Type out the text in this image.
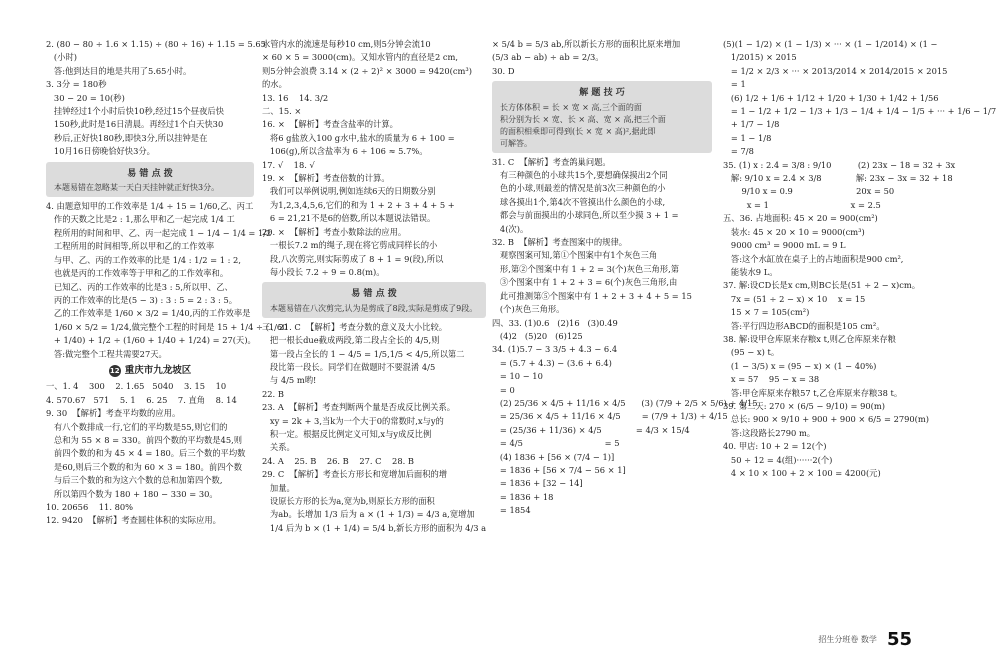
2. (80 − 80 ÷ 1.6 × 1.15) ÷ (80 ÷ 16) + 1.15 = 5.65
(小时)
答:他到达目的地是共用了5.65小时。
3. 3分 = 180秒
30 − 20 = 10(秒)
挂钟经过1个小时后快10秒,经过15个昼夜后快
150秒,此时是16日清晨。再经过1个白天快30
秒后,正好快180秒,即快3分,所以挂钟是在
10月16日傍晚恰好快3分。
易 错 点 拨
本题易错在忽略某一天白天挂钟就正好快3分。
4. 由题意知甲的工作效率是 1/4 ÷ 15 = 1/60,乙、丙工
作的天数之比是2 : 1,那么甲和乙一起完成 1/4 工
程所用的时间和甲、乙、丙一起完成 1 − 1/4 − 1/4 = 1/2
工程所用的时间相等,所以甲和乙的工作效率
与甲、乙、丙的工作效率的比是 1/4 : 1/2 = 1 : 2,
也就是丙的工作效率等于甲和乙的工作效率和。
已知乙、丙的工作效率的比是3 : 5,所以甲、乙、
丙的工作效率的比是(5 − 3) : 3 : 5 = 2 : 3 : 5。
乙的工作效率是 1/60 × 3/2 = 1/40,丙的工作效率是
1/60 × 5/2 = 1/24,做完整个工程的时间是 15 + 1/4 ÷ (1/60
+ 1/40) + 1/2 ÷ (1/60 + 1/40 + 1/24) = 27(天)。
答:做完整个工程共需要27天。
12 重庆市九龙坡区
一、1. 4    300    2. 1.65   5040    3. 15    10
4. 570.67   571    5. 1    6. 25    7. 直角    8. 14
9. 30  【解析】考查平均数的应用。
有八个数排成一行,它们的平均数是55,则它们的
总和为 55 × 8 = 330。前四个数的平均数是45,则
前四个数的和为 45 × 4 = 180。后三个数的平均数
是60,则后三个数的和为 60 × 3 = 180。前四个数
与后三个数的和为这六个数的总和加第四个数,
所以第四个数为 180 + 180 − 330 = 30。
10. 20656    11. 80%
12. 9420  【解析】考查圆柱体积的实际应用。
水管内水的流速是每秒10 cm,则5分钟会流10
× 60 × 5 = 3000(cm)。又知水管内的直径是2 cm,
则5分钟会浪费 3.14 × (2 ÷ 2)² × 3000 = 9420(cm³)
的水。
13. 16    14. 3/2
二、15. ×
16. ×  【解析】考查含盐率的计算。
将6 g盐放入100 g水中,盐水的质量为 6 + 100 =
106(g),所以含盐率为 6 ÷ 106 ≈ 5.7%。
17. √    18. √
19. ×  【解析】考查倍数的计算。
我们可以举例说明,例如连续6天的日期数分别
为1,2,3,4,5,6,它们的和为 1 + 2 + 3 + 4 + 5 +
6 = 21,21不是6的倍数,所以本题说法错误。
20. ×  【解析】考查小数除法的应用。
一根长7.2 m的绳子,现在将它剪成同样长的小
段,八次剪完,则实际剪成了 8 + 1 = 9(段),所以
每小段长 7.2 ÷ 9 = 0.8(m)。
易 错 点 拨
本题易错在八次剪完,认为是剪成了8段,实际是剪成了9段。
三、21. C  【解析】考查分数的意义及大小比较。
把一根长due截成两段,第二段占全长的 4/5,则
第一段占全长的 1 − 4/5 = 1/5,1/5 < 4/5,所以第二
段比第一段长。同学们在做题时不要混淆 4/5
与 4/5 m哟!
22. B
23. A  【解析】考查判断两个量是否成反比例关系。
xy = 2k + 3,当k为一个大于0的常数时,x与y的
积一定。根据反比例定义可知,x与y成反比例
关系。
24. A    25. B    26. B    27. C    28. B
29. C  【解析】考查长方形长和宽增加后面积的增
加量。
设原长方形的长为a,宽为b,则原长方形的面积
为ab。长增加 1/3 后为 a × (1 + 1/3) = 4/3 a,宽增加
1/4 后为 b × (1 + 1/4) = 5/4 b,新长方形的面积为 4/3 a
× 5/4 b = 5/3 ab,所以新长方形的面积比原来增加
(5/3 ab − ab) ÷ ab = 2/3。
30. D
解 题 技 巧
长方体体积 = 长 × 宽 × 高,三个面的面
积分别为长 × 宽、长 × 高、宽 × 高,把三个面
的面积相乘即可得到(长 × 宽 × 高)²,据此即
可解答。
31. C  【解析】考查鸽巢问题。
有三种颜色的小球共15个,要想确保摸出2个同
色的小球,则最差的情况是前3次三种颜色的小
球各摸出1个,第4次不管摸出什么颜色的小球,
都会与前面摸出的小球同色,所以至少摸 3 + 1 =
4(次)。
32. B  【解析】考查图案中的规律。
观察图案可知,第①个图案中有1个灰色三角
形,第②个图案中有 1 + 2 = 3(个)灰色三角形,第
③个图案中有 1 + 2 + 3 = 6(个)灰色三角形,由
此可推测第⑤个图案中有 1 + 2 + 3 + 4 + 5 = 15
(个)灰色三角形。
四、33. (1)0.6   (2)16   (3)0.49
(4)2   (5)20   (6)125
34. (1)5.7 − 3 3/5 + 4.3 − 6.4
= (5.7 + 4.3) − (3.6 + 6.4)
= 10 − 10
= 0
(2) 25/36 × 4/5 + 11/16 × 4/5      (3) (7/9 + 2/5 × 5/6) ÷ 4/15
= 25/36 × 4/5 + 11/16 × 4/5        = (7/9 + 1/3) ÷ 4/15
= (25/36 + 11/36) × 4/5             = 4/3 × 15/4
= 4/5                               = 5
(4) 1836 + [56 × (7/4 − 1)]
= 1836 + [56 × 7/4 − 56 × 1]
= 1836 + [32 − 14]
= 1836 + 18
= 1854
(5)(1 − 1/2) × (1 − 1/3) × ··· × (1 − 1/2014) × (1 −
1/2015) × 2015
= 1/2 × 2/3 × ··· × 2013/2014 × 2014/2015 × 2015
= 1
(6) 1/2 + 1/6 + 1/12 + 1/20 + 1/30 + 1/42 + 1/56
= 1 − 1/2 + 1/2 − 1/3 + 1/3 − 1/4 + 1/4 − 1/5 + ··· + 1/6 − 1/7
+ 1/7 − 1/8
= 1 − 1/8
= 7/8
35. (1) x : 2.4 = 3/8 : 9/10          (2) 23x − 18 = 32 + 3x
解: 9/10 x = 2.4 × 3/8             解: 23x − 3x = 32 + 18
9/10 x = 0.9                        20x = 50
x = 1                               x = 2.5
五、36. 占地面积: 45 × 20 = 900(cm²)
装水: 45 × 20 × 10 = 9000(cm³)
9000 cm³ = 9000 mL = 9 L
答:这个水缸放在桌子上的占地面积是900 cm²,
能装水9 L。
37. 解:设CD长是x cm,则BC长是(51 ÷ 2 − x)cm。
7x = (51 ÷ 2 − x) × 10    x = 15
15 × 7 = 105(cm²)
答:平行四边形ABCD的面积是105 cm²。
38. 解:设甲仓库原来存粮x t,则乙仓库原来存粮
(95 − x) t。
(1 − 3/5) x = (95 − x) × (1 − 40%)
x = 57    95 − x = 38
答:甲仓库原来存粮57 t,乙仓库原来存粮38 t。
39. 第二天: 270 × (6/5 − 9/10) = 90(m)
总长: 900 × 9/10 + 900 + 900 × 6/5 = 2790(m)
答:这段路长2790 m。
40. 甲店: 10 + 2 = 12(个)
50 ÷ 12 = 4(组)······2(个)
4 × 10 × 100 + 2 × 100 = 4200(元)
招生分班卷 数学 55
